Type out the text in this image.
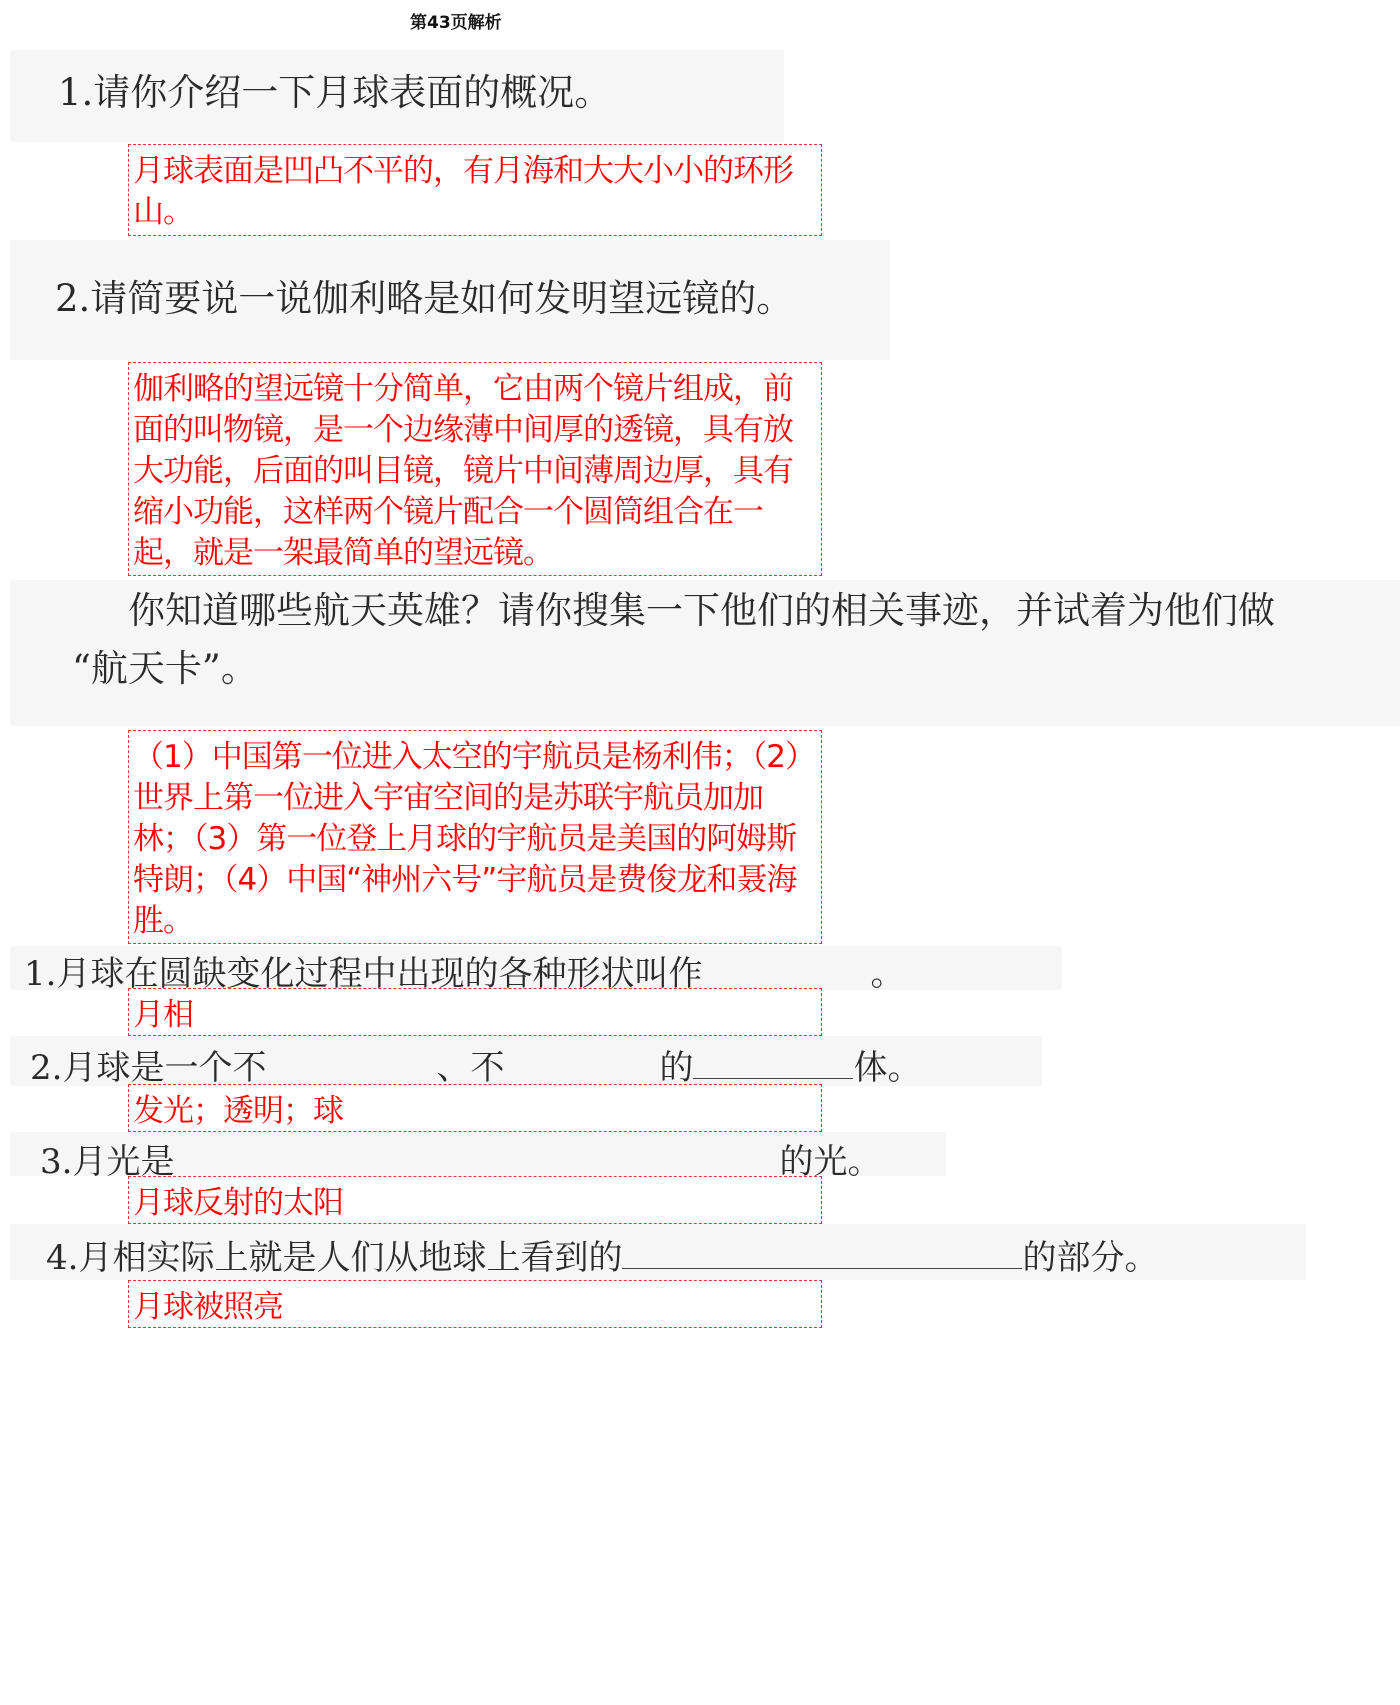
第43页解析
1.请你介绍一下月球表面的概况。
月球表面是凹凸不平的，有月海和大大小小的环形山。
2.请简要说一说伽利略是如何发明望远镜的。
伽利略的望远镜十分简单，它由两个镜片组成，前面的叫物镜，是一个边缘薄中间厚的透镜，具有放大功能，后面的叫目镜，镜片中间薄周边厚，具有缩小功能，这样两个镜片配合一个圆筒组合在一起，就是一架最简单的望远镜。
你知道哪些航天英雄？请你搜集一下他们的相关事迹，并试着为他们做
“航天卡”。
（1）中国第一位进入太空的宇航员是杨利伟；（2）世界上第一位进入宇宙空间的是苏联宇航员加加林；（3）第一位登上月球的宇航员是美国的阿姆斯特朗；（4）中国“神州六号”宇航员是费俊龙和聂海胜。
1.月球在圆缺变化过程中出现的各种形状叫作	。
月相
2.月球是一个不	、不	的	体。
发光；透明；球
3.月光是	的光。
月球反射的太阳
4.月相实际上就是人们从地球上看到的	的部分。
月球被照亮
